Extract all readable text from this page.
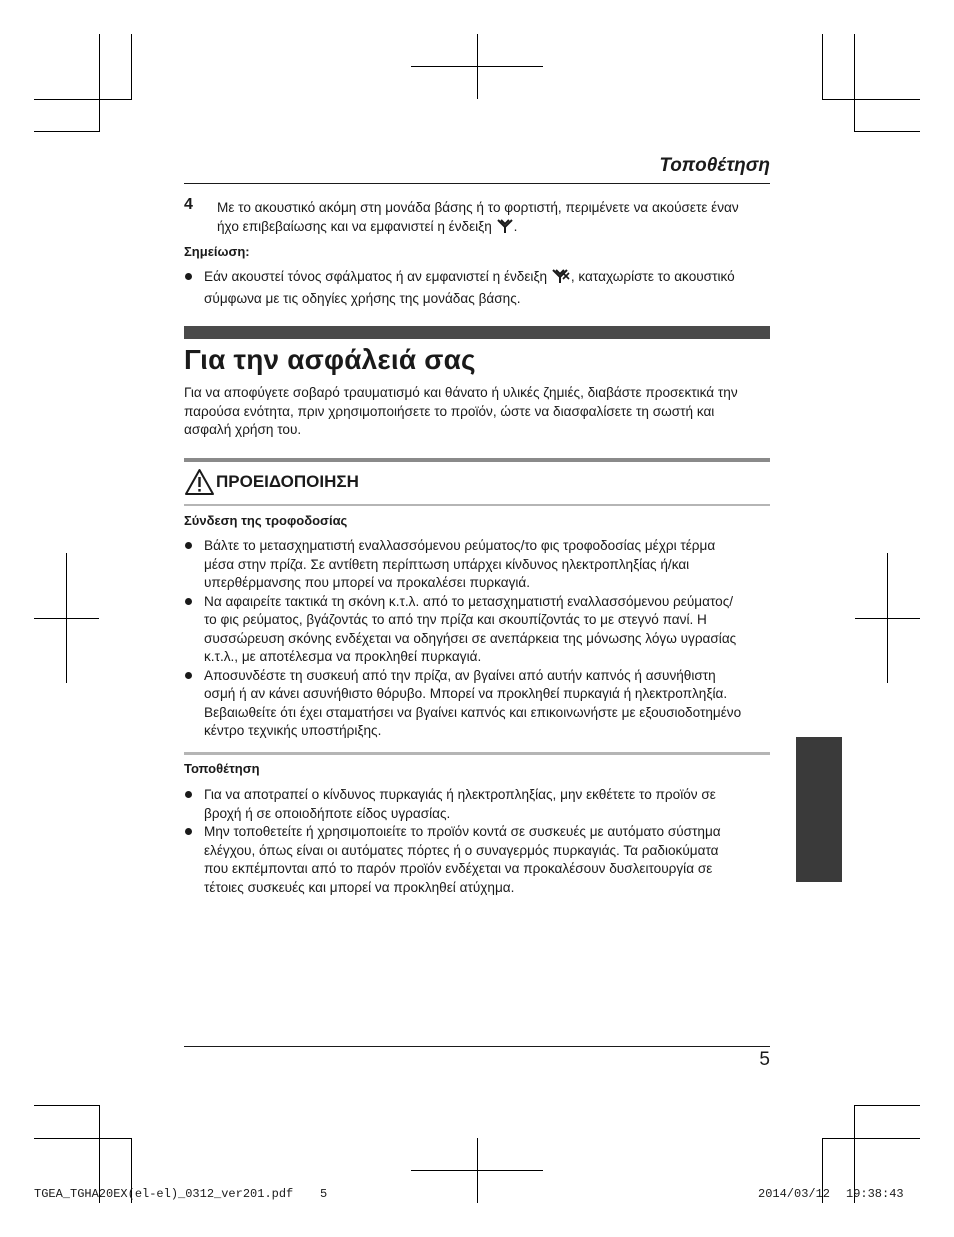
Τοποθέτηση
4 Με το ακουστικό ακόμη στη μονάδα βάσης ή το φορτιστή, περιμένετε να ακούσετε έναν
ήχο επιβεβαίωσης και να εμφανιστεί η ένδειξη .
Σημείωση:
Εάν ακουστεί τόνος σφάλματος ή αν εμφανιστεί η ένδειξη , καταχωρίστε το ακουστικό
σύμφωνα με τις οδηγίες χρήσης της μονάδας βάσης.
Για την ασφάλειά σας
Για να αποφύγετε σοβαρό τραυματισμό και θάνατο ή υλικές ζημιές, διαβάστε προσεκτικά την
παρούσα ενότητα, πριν χρησιμοποιήσετε το προϊόν, ώστε να διασφαλίσετε τη σωστή και
ασφαλή χρήση του.
ΠΡΟΕΙΔΟΠΟΙΗΣΗ
Σύνδεση της τροφοδοσίας
Βάλτε το μετασχηματιστή εναλλασσόμενου ρεύματος/το φις τροφοδοσίας μέχρι τέρμα
μέσα στην πρίζα. Σε αντίθετη περίπτωση υπάρχει κίνδυνος ηλεκτροπληξίας ή/και
υπερθέρμανσης που μπορεί να προκαλέσει πυρκαγιά.
Να αφαιρείτε τακτικά τη σκόνη κ.τ.λ. από το μετασχηματιστή εναλλασσόμενου ρεύματος/
το φις ρεύματος, βγάζοντάς το από την πρίζα και σκουπίζοντάς το με στεγνό πανί. Η
συσσώρευση σκόνης ενδέχεται να οδηγήσει σε ανεπάρκεια της μόνωσης λόγω υγρασίας
κ.τ.λ., με αποτέλεσμα να προκληθεί πυρκαγιά.
Αποσυνδέστε τη συσκευή από την πρίζα, αν βγαίνει από αυτήν καπνός ή ασυνήθιστη
οσμή ή αν κάνει ασυνήθιστο θόρυβο. Μπορεί να προκληθεί πυρκαγιά ή ηλεκτροπληξία.
Βεβαιωθείτε ότι έχει σταματήσει να βγαίνει καπνός και επικοινωνήστε με εξουσιοδοτημένο
κέντρο τεχνικής υποστήριξης.
Τοποθέτηση
Για να αποτραπεί ο κίνδυνος πυρκαγιάς ή ηλεκτροπληξίας, μην εκθέτετε το προϊόν σε
βροχή ή σε οποιοδήποτε είδος υγρασίας.
Μην τοποθετείτε ή χρησιμοποιείτε το προϊόν κοντά σε συσκευές με αυτόματο σύστημα
ελέγχου, όπως είναι οι αυτόματες πόρτες ή ο συναγερμός πυρκαγιάς. Τα ραδιοκύματα
που εκπέμπονται από το παρόν προϊόν ενδέχεται να προκαλέσουν δυσλειτουργία σε
τέτοιες συσκευές και μπορεί να προκληθεί ατύχημα.
5
TGEA_TGHA20EX(el-el)_0312_ver201.pdf 5	2014/03/12 19:38:43
